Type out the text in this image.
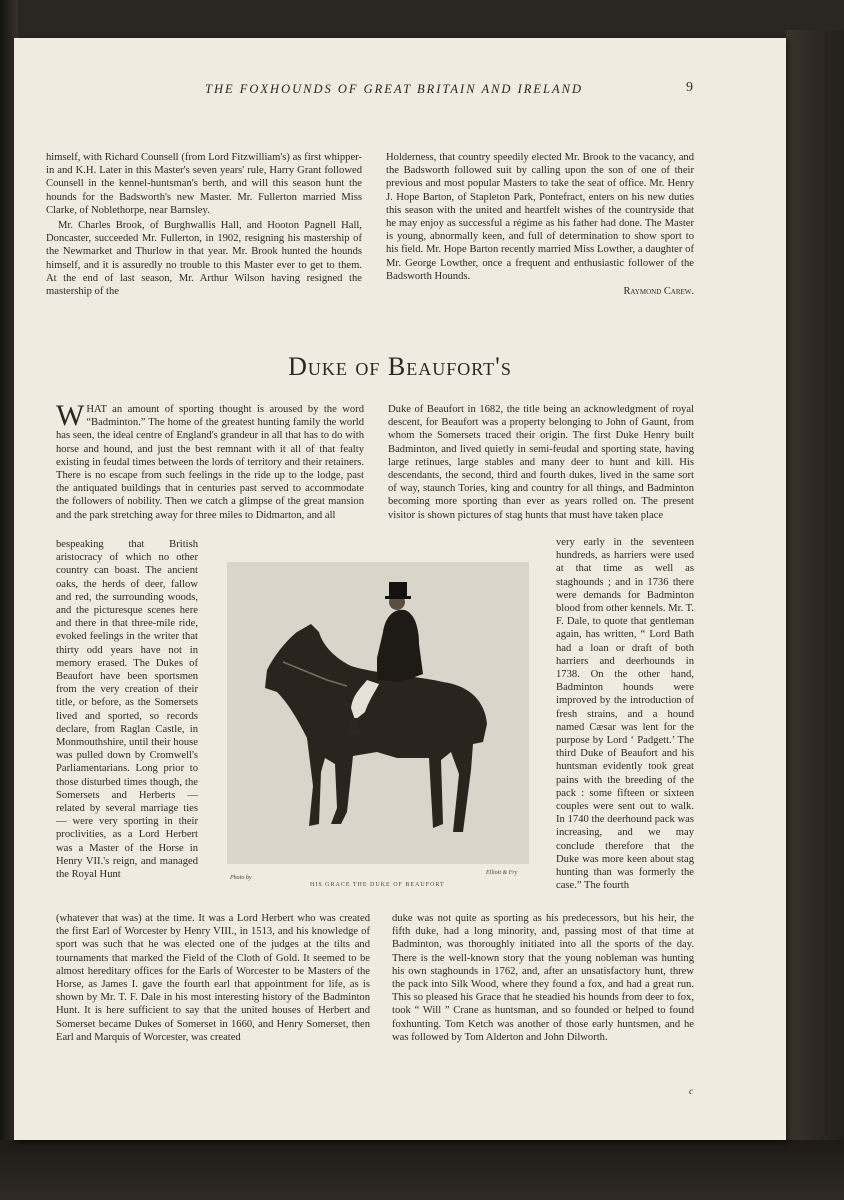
THE FOXHOUNDS OF GREAT BRITAIN AND IRELAND	9

himself, with Richard Counsell (from Lord Fitzwilliam's) as first whipper-in and K.H. Later in this Master's seven years' rule, Harry Grant followed Counsell in the kennel-huntsman's berth, and will this season hunt the hounds for the Badsworth's new Master. Mr. Fullerton married Miss Clarke, of Noblethorpe, near Barnsley.

Mr. Charles Brook, of Burghwallis Hall, and Hooton Pagnell Hall, Doncaster, succeeded Mr. Fullerton, in 1902, resigning his mastership of the Newmarket and Thurlow in that year. Mr. Brook hunted the hounds himself, and it is assuredly no trouble to this Master ever to get to them. At the end of last season, Mr. Arthur Wilson having resigned the mastership of the

Holderness, that country speedily elected Mr. Brook to the vacancy, and the Badsworth followed suit by calling upon the son of one of their previous and most popular Masters to take the seat of office. Mr. Henry J. Hope Barton, of Stapleton Park, Pontefract, enters on his new duties this season with the united and heartfelt wishes of the countryside that he may enjoy as successful a régime as his father had done. The Master is young, abnormally keen, and full of determination to show sport to his field. Mr. Hope Barton recently married Miss Lowther, a daughter of Mr. George Lowther, once a frequent and enthusiastic follower of the Badsworth Hounds.

Raymond Carew.
Duke of Beaufort's
W HAT an amount of sporting thought is aroused by the word “Badminton.” The home of the greatest hunting family the world has seen, the ideal centre of England's grandeur in all that has to do with horse and hound, and just the best remnant with it all of that fealty existing in feudal times between the lords of territory and their retainers. There is no escape from such feelings in the ride up to the lodge, past the antiquated buildings that in centuries past served to accommodate the followers of nobility. Then we catch a glimpse of the great mansion and the park stretching away for three miles to Didmarton, and all
bespeaking that British aristocracy of which no other country can boast. The ancient oaks, the herds of deer, fallow and red, the surrounding woods, and the picturesque scenes here and there in that three-mile ride, evoked feelings in the writer that thirty odd years have not in memory erased. The Dukes of Beaufort have been sportsmen from the very creation of their title, or before, as the Somersets lived and sported, so records declare, from Raglan Castle, in Monmouthshire, until their house was pulled down by Cromwell's Parliamentarians. Long prior to those disturbed times though, the Somersets and Herberts — related by several marriage ties — were very sporting in their proclivities, as a Lord Herbert was a Master of the Horse in Henry VII.'s reign, and managed the Royal Hunt
(whatever that was) at the time. It was a Lord Herbert who was created the first Earl of Worcester by Henry VIII., in 1513, and his knowledge of sport was such that he was elected one of the judges at the tilts and tournaments that marked the Field of the Cloth of Gold. It seemed to be almost hereditary offices for the Earls of Worcester to be Masters of the Horse, as James I. gave the fourth earl that appointment for life, as is shown by Mr. T. F. Dale in his most interesting history of the Badminton Hunt. It is here sufficient to say that the united houses of Herbert and Somerset became Dukes of Somerset in 1660, and Henry Somerset, then Earl and Marquis of Worcester, was created
Duke of Beaufort in 1682, the title being an acknowledgment of royal descent, for Beaufort was a property belonging to John of Gaunt, from whom the Somersets traced their origin. The first Duke Henry built Badminton, and lived quietly in semi-feudal and sporting state, having large retinues, large stables and many deer to hunt and kill. His descendants, the second, third and fourth dukes, lived in the same sort of way, staunch Tories, king and country for all things, and Badminton becoming more sporting than ever as years rolled on. The present visitor is shown pictures of stag hunts that must have taken place
very early in the seventeen hundreds, as harriers were used at that time as well as staghounds ; and in 1736 there were demands for Badminton blood from other kennels. Mr. T. F. Dale, to quote that gentleman again, has written, “ Lord Bath had a loan or draft of both harriers and deerhounds in 1738. On the other hand, Badminton hounds were improved by the introduction of fresh strains, and a hound named Cæsar was lent for the purpose by Lord ‘ Padgett.’ The third Duke of Beaufort and his huntsman evidently took great pains with the breeding of the pack : some fifteen or sixteen couples were sent out to walk. In 1740 the deerhound pack was increasing, and we may conclude therefore that the Duke was more keen about stag hunting than was formerly the case.” The fourth
duke was not quite as sporting as his predecessors, but his heir, the fifth duke, had a long minority, and, passing most of that time at Badminton, was thoroughly initiated into all the sports of the day. There is the well-known story that the young nobleman was hunting his own staghounds in 1762, and, after an unsatisfactory hunt, threw the pack into Silk Wood, where they found a fox, and had a great run. This so pleased his Grace that he steadied his hounds from deer to fox, took “ Will ” Crane as huntsman, and so founded or helped to found foxhunting. Tom Ketch was another of those early huntsmen, and he was followed by Tom Alderton and John Dilworth.
Photo by
Elliott & Fry
HIS GRACE THE DUKE OF BEAUFORT
c
